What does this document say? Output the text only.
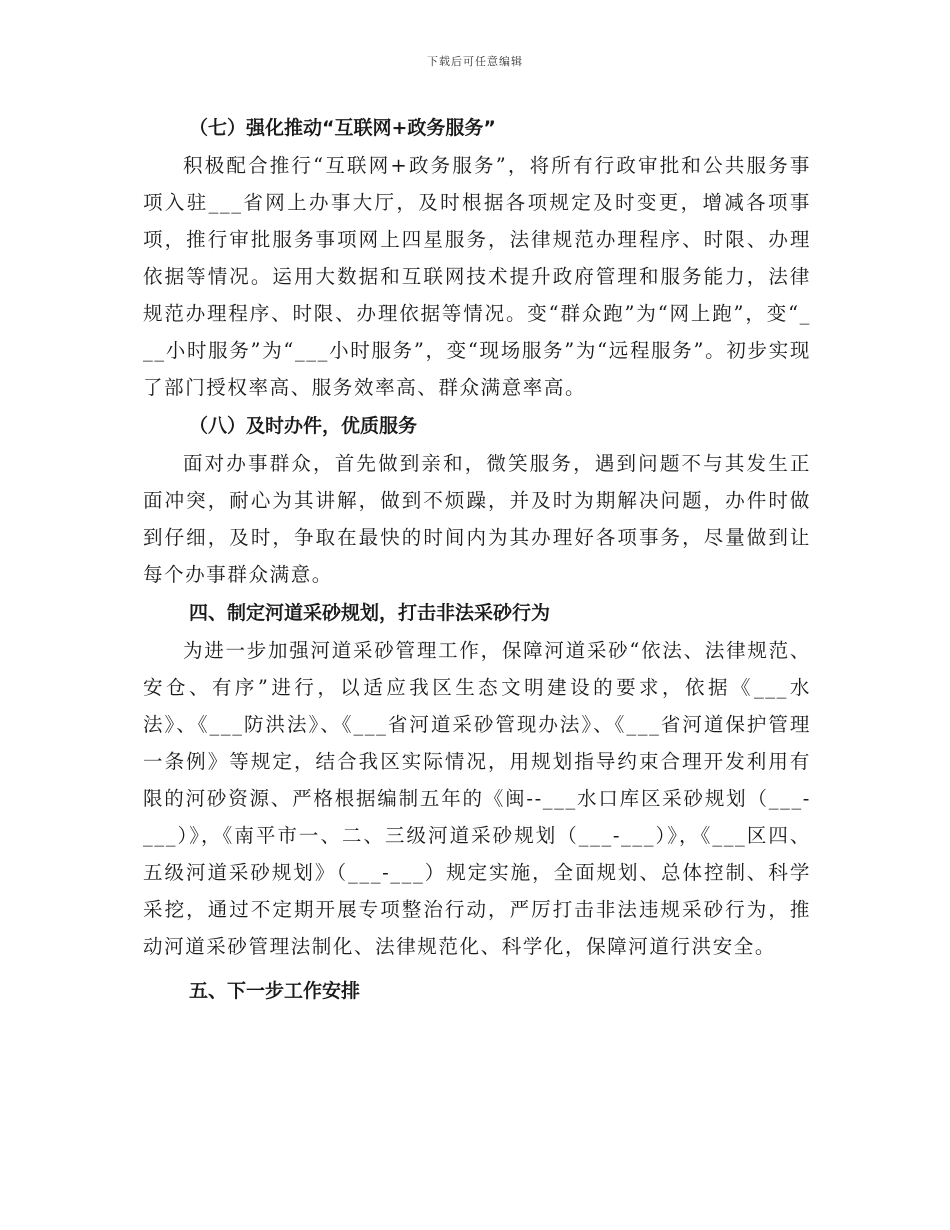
下载后可任意编辑

（七）强化推动“互联网+政务服务”

积极配合推行“互联网+政务服务”，将所有行政审批和公共服务事项入驻___省网上办事大厅，及时根据各项规定及时变更，增减各项事项，推行审批服务事项网上四星服务，法律规范办理程序、时限、办理依据等情况。运用大数据和互联网技术提升政府管理和服务能力，法律规范办理程序、时限、办理依据等情况。变“群众跑”为“网上跑”，变“___小时服务”为“___小时服务”，变“现场服务”为“远程服务”。初步实现了部门授权率高、服务效率高、群众满意率高。

（八）及时办件，优质服务

面对办事群众，首先做到亲和，微笑服务，遇到问题不与其发生正面冲突，耐心为其讲解，做到不烦躁，并及时为期解决问题，办件时做到仔细，及时，争取在最快的时间内为其办理好各项事务，尽量做到让每个办事群众满意。

四、制定河道采砂规划，打击非法采砂行为

为进一步加强河道采砂管理工作，保障河道采砂“依法、法律规范、安仓、有序”进行，以适应我区生态文明建设的要求，依据《___水法》、《___防洪法》、《___省河道采砂管现办法》、《___省河道保护管理一条例》等规定，结合我区实际情况，用规划指导约束合理开发利用有限的河砂资源、严格根据编制五年的《闽--___水口库区采砂规划（___-___）》，《南平市一、二、三级河道采砂规划（___-___）》，《___区四、五级河道采砂规划》（___-___）规定实施，全面规划、总体控制、科学采挖，通过不定期开展专项整治行动，严厉打击非法违规采砂行为，推动河道采砂管理法制化、法律规范化、科学化，保障河道行洪安全。

五、下一步工作安排
